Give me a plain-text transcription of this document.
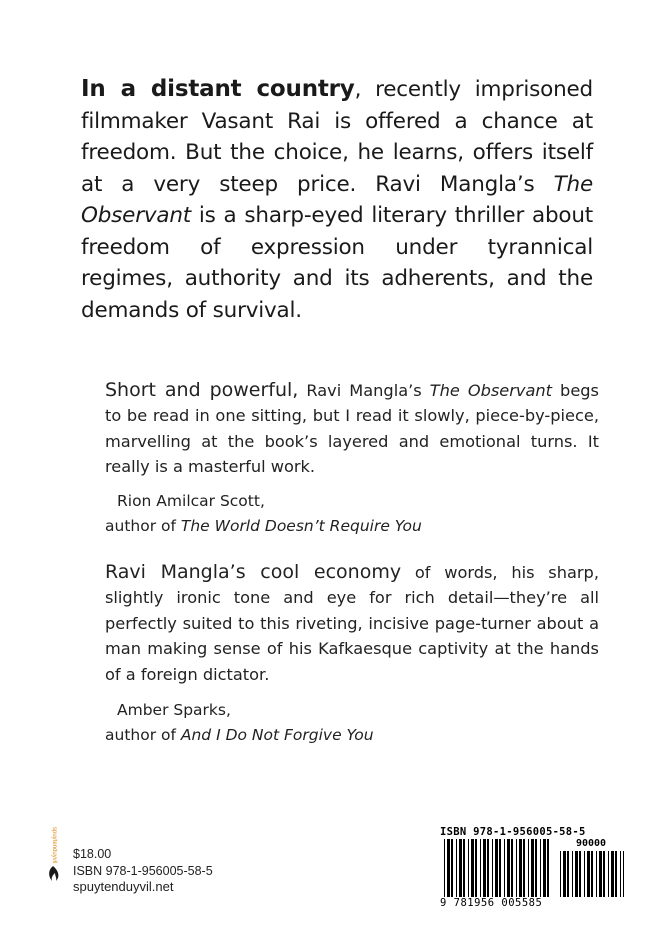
In a distant country, recently imprisoned filmmaker Vasant Rai is offered a chance at freedom. But the choice, he learns, offers itself at a very steep price. Ravi Mangla’s The Observant is a sharp-eyed literary thriller about freedom of expression under tyrannical regimes, authority and its adherents, and the demands of survival.

Short and powerful, Ravi Mangla’s The Observant begs to be read in one sitting, but I read it slowly, piece-by-piece, marvelling at the book’s layered and emotional turns. It really is a masterful work.

Rion Amilcar Scott,
author of The World Doesn’t Require You

Ravi Mangla’s cool economy of words, his sharp, slightly ironic tone and eye for rich detail—they’re all perfectly suited to this riveting, incisive page-turner about a man making sense of his Kafkaesque captivity at the hands of a foreign dictator.

Amber Sparks,
author of And I Do Not Forgive You
spuytenduyvil $18.00
ISBN 978-1-956005-58-5
spuytenduyvil.net
ISBN 978-1-956005-58-5
90000
9 781956 005585
